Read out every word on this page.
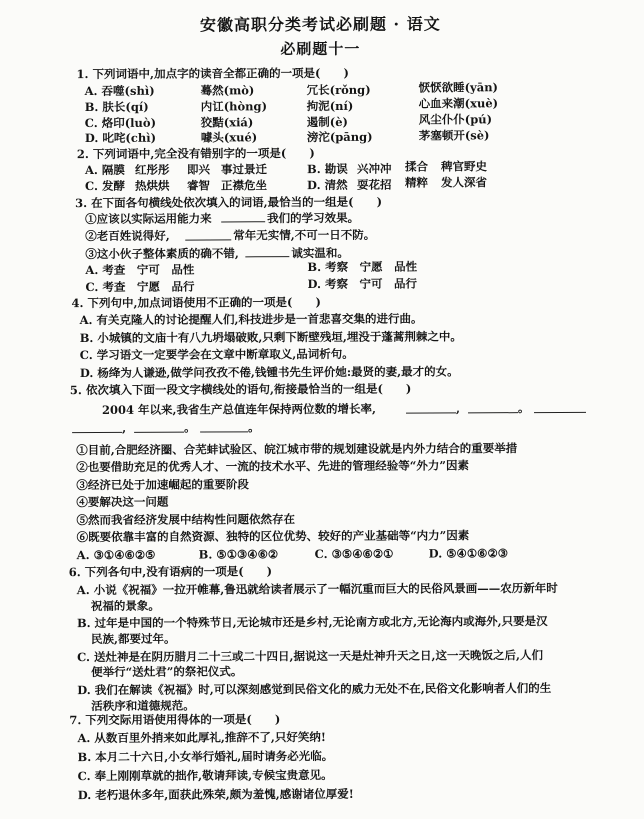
安徽高职分类考试必刷题 · 语文
必刷题十一
1. 下列词语中,加点字的读音全都正确的一项是(　　)
A. 吞噬(shì)	蓦然(mò)	冗长(rǒng)	恹恹欲睡(yān)
B. 肤长(qí)	内讧(hòng)	拘泥(ní)	心血来潮(xuè)
C. 烙印(luò)	狡黠(xiá)	遏制(è)	风尘仆仆(pú)
D. 叱咤(chì)	噱头(xué)	滂沱(pāng)	茅塞顿开(sè)
2. 下列词语中,完全没有错别字的一项是(　　)
A. 隔膜 红彤彤 即兴 事过景迁	B. 勘误 兴冲冲 揉合 稗官野史
C. 发酵 热烘烘 睿智 正襟危坐	D. 清然 耍花招 精粹 发人深省
3. 在下面各句横线处依次填入的词语,最恰当的一组是(　　)
①应该以实际运用能力来	我们的学习效果。
②老百姓说得好,	常年无实情,不可一日不防。
③这小伙子整体素质的确不错,	诚实温和。
A. 考查　宁可　品性	B. 考察　宁愿　品性
C. 考查　宁愿　品行	D. 考察　宁可　品行
4. 下列句中,加点词语使用不正确的一项是(　　)
A. 有关克隆人的讨论提醒人们,科技进步是一首悲喜交集的进行曲。
B. 小城镇的文庙十有八九坍塌破败,只剩下断壁残垣,埋没于蓬蒿荆棘之中。
C. 学习语文一定要学会在文章中断章取义,品词析句。
D. 杨绛为人谦逊,做学问孜孜不倦,钱锺书先生评价她:最贤的妻,最才的女。
5. 依次填入下面一段文字横线处的语句,衔接最恰当的一组是(　　)
2004 年以来,我省生产总值连年保持两位数的增长率,	,	。
,	。	。
①目前,合肥经济圈、合芜蚌试验区、皖江城市带的规划建设就是内外力结合的重要举措
②也要借助充足的优秀人才、一流的技术水平、先进的管理经验等“外力”因素
③经济已处于加速崛起的重要阶段
④要解决这一问题
⑤然而我省经济发展中结构性问题依然存在
⑥既要依靠丰富的自然资源、独特的区位优势、较好的产业基础等“内力”因素
A. ③①④⑥②⑤	B. ⑤①③④⑥②	C. ③⑤④⑥②①	D. ⑤④①⑥②③
6. 下列各句中,没有语病的一项是(　　)
A. 小说《祝福》一拉开帷幕,鲁迅就给读者展示了一幅沉重而巨大的民俗风景画——农历新年时
祝福的景象。
B. 过年是中国的一个特殊节日,无论城市还是乡村,无论南方或北方,无论海内或海外,只要是汉
民族,都要过年。
C. 送灶神是在阴历腊月二十三或二十四日,据说这一天是灶神升天之日,这一天晚饭之后,人们
便举行“送灶君”的祭祀仪式。
D. 我们在解读《祝福》时,可以深刻感觉到民俗文化的威力无处不在,民俗文化影响者人们的生
活秩序和道德规范。
7. 下列交际用语使用得体的一项是(　　)
A. 从数百里外捎来如此厚礼,推辞不了,只好笑纳!
B. 本月二十六日,小女举行婚礼,届时请务必光临。
C. 奉上刚刚草就的拙作,敬请拜读,专候宝贵意见。
D. 老朽退休多年,面获此殊荣,颇为羞愧,感谢诸位厚爱!
